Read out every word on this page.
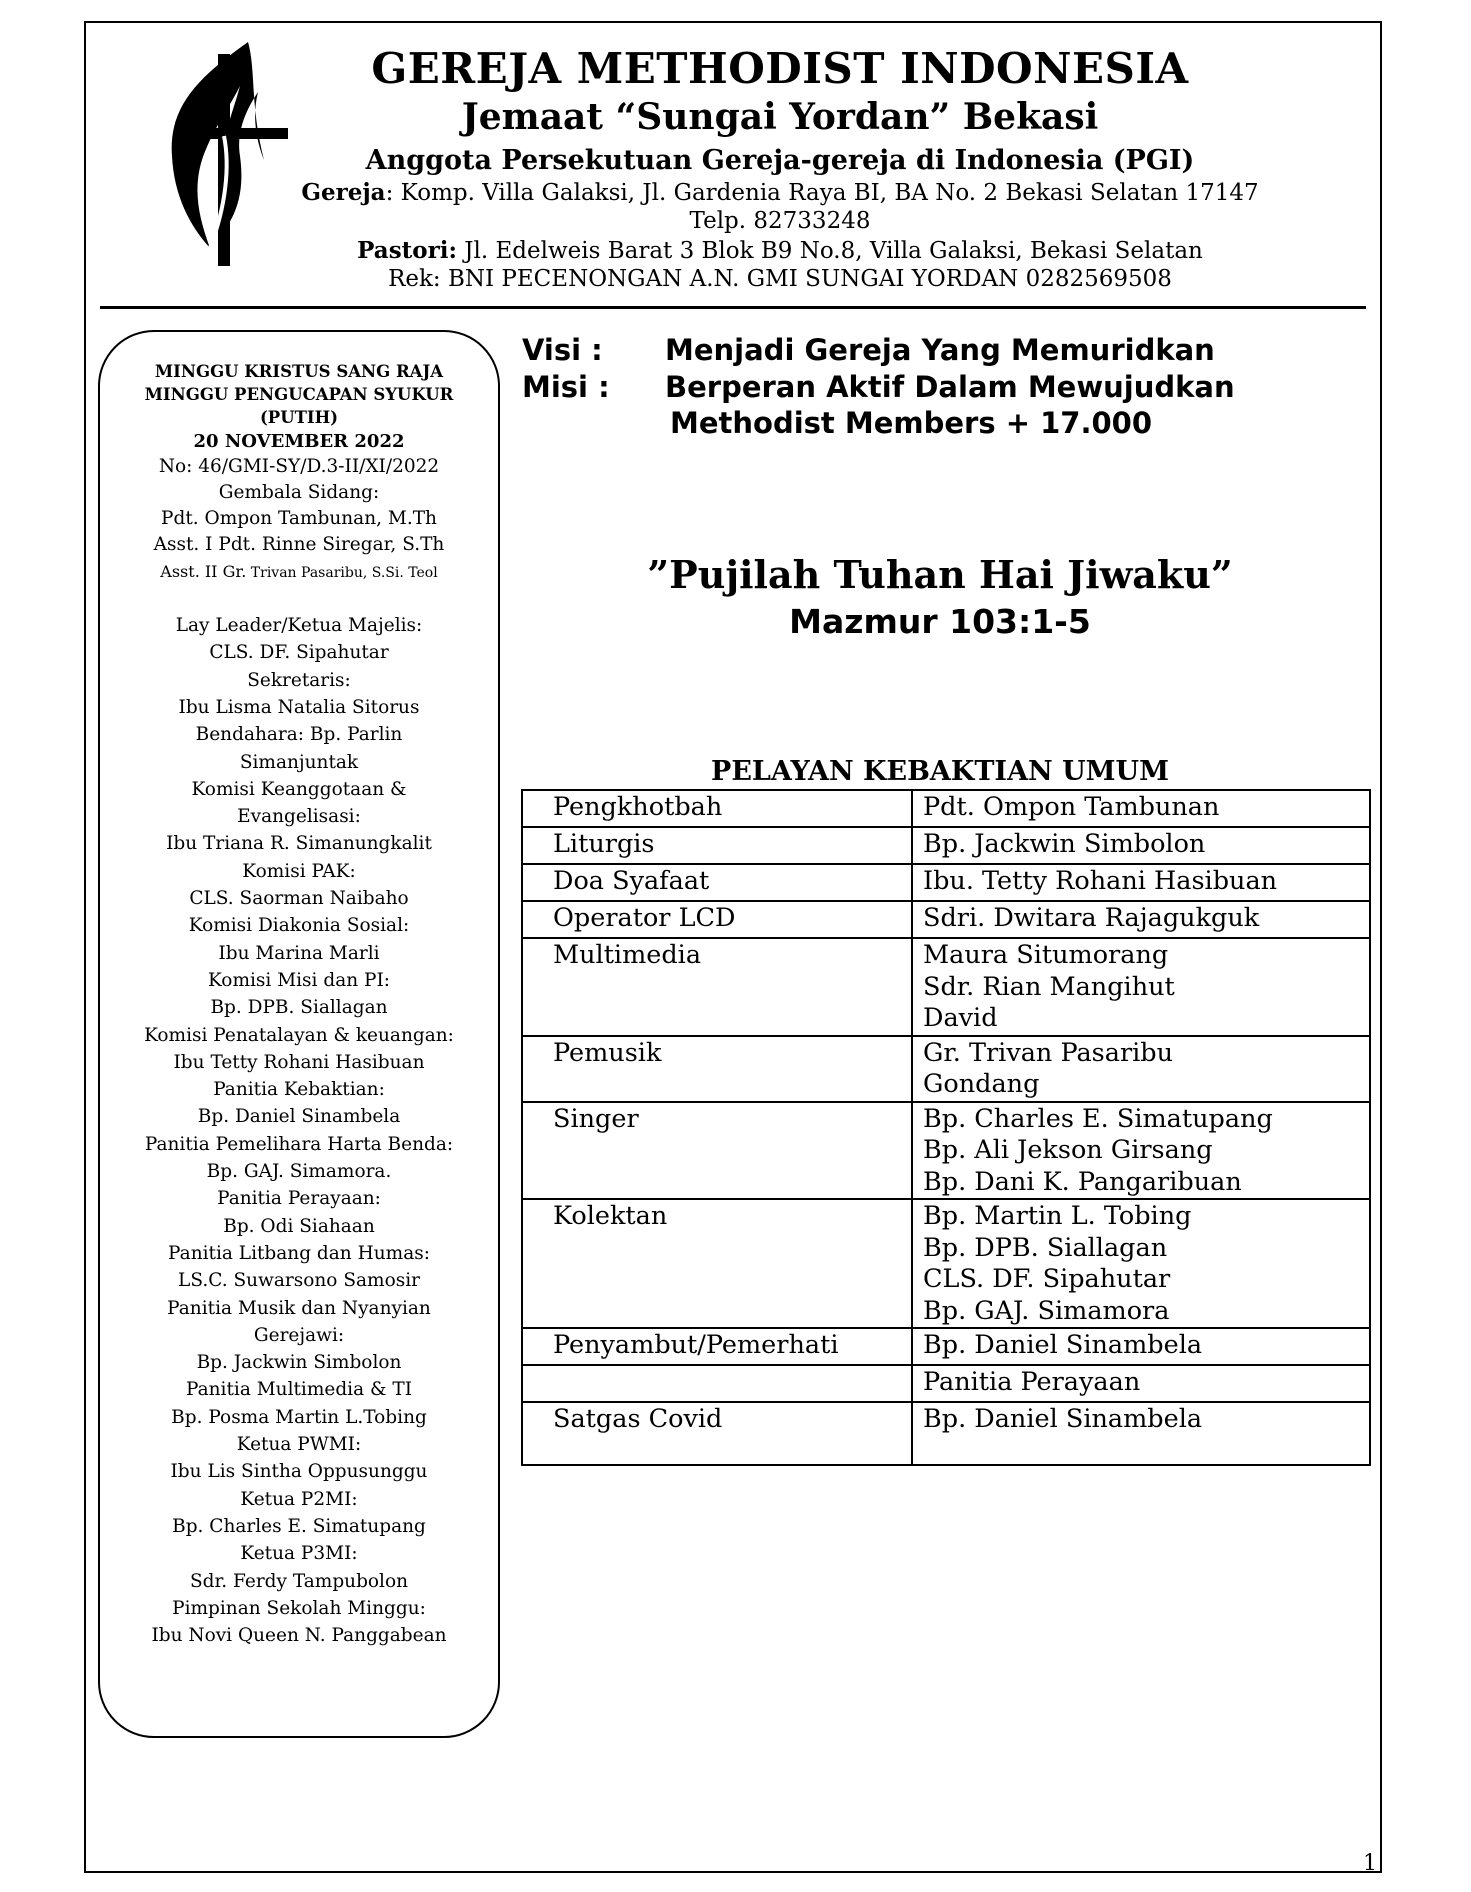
GEREJA METHODIST INDONESIA
Jemaat “Sungai Yordan” Bekasi
Anggota Persekutuan Gereja-gereja di Indonesia (PGI)
Gereja: Komp. Villa Galaksi, Jl. Gardenia Raya BI, BA No. 2 Bekasi Selatan 17147
Telp. 82733248
Pastori: Jl. Edelweis Barat 3 Blok B9 No.8, Villa Galaksi, Bekasi Selatan
Rek: BNI PECENONGAN A.N. GMI SUNGAI YORDAN 0282569508
MINGGU KRISTUS SANG RAJA
MINGGU PENGUCAPAN SYUKUR
(PUTIH)
20 NOVEMBER 2022
No: 46/GMI-SY/D.3-II/XI/2022
Gembala Sidang:
Pdt. Ompon Tambunan, M.Th
Asst. I Pdt. Rinne Siregar, S.Th
Asst. II Gr. Trivan Pasaribu, S.Si. Teol
Lay Leader/Ketua Majelis:
CLS. DF. Sipahutar
Sekretaris:
Ibu Lisma Natalia Sitorus
Bendahara: Bp. Parlin
Simanjuntak
Komisi Keanggotaan &
Evangelisasi:
Ibu Triana R. Simanungkalit
Komisi PAK:
CLS. Saorman Naibaho
Komisi Diakonia Sosial:
Ibu Marina Marli
Komisi Misi dan PI:
Bp. DPB. Siallagan
Komisi Penatalayan & keuangan:
Ibu Tetty Rohani Hasibuan
Panitia Kebaktian:
Bp. Daniel Sinambela
Panitia Pemelihara Harta Benda:
Bp. GAJ. Simamora.
Panitia Perayaan:
Bp. Odi Siahaan
Panitia Litbang dan Humas:
LS.C. Suwarsono Samosir
Panitia Musik dan Nyanyian
Gerejawi:
Bp. Jackwin Simbolon
Panitia Multimedia & TI
Bp. Posma Martin L.Tobing
Ketua PWMI:
Ibu Lis Sintha Oppusunggu
Ketua P2MI:
Bp. Charles E. Simatupang
Ketua P3MI:
Sdr. Ferdy Tampubolon
Pimpinan Sekolah Minggu:
Ibu Novi Queen N. Panggabean
Visi : Menjadi Gereja Yang Memuridkan
Misi : Berperan Aktif Dalam Mewujudkan
Methodist Members + 17.000
”Pujilah Tuhan Hai Jiwaku”
Mazmur 103:1-5
PELAYAN KEBAKTIAN UMUM
Pengkhotbah	Pdt. Ompon Tambunan

Liturgis	Bp. Jackwin Simbolon

Doa Syafaat	Ibu. Tetty Rohani Hasibuan

Operator LCD	Sdri. Dwitara Rajagukguk

Multimedia	Maura Situmorang
Sdr. Rian Mangihut
David

Pemusik	Gr. Trivan Pasaribu
Gondang

Singer	Bp. Charles E. Simatupang
Bp. Ali Jekson Girsang
Bp. Dani K. Pangaribuan

Kolektan	Bp. Martin L. Tobing
Bp. DPB. Siallagan
CLS. DF. Sipahutar
Bp. GAJ. Simamora

Penyambut/Pemerhati	Bp. Daniel Sinambela

	Panitia Perayaan

Satgas Covid	Bp. Daniel Sinambela
1
